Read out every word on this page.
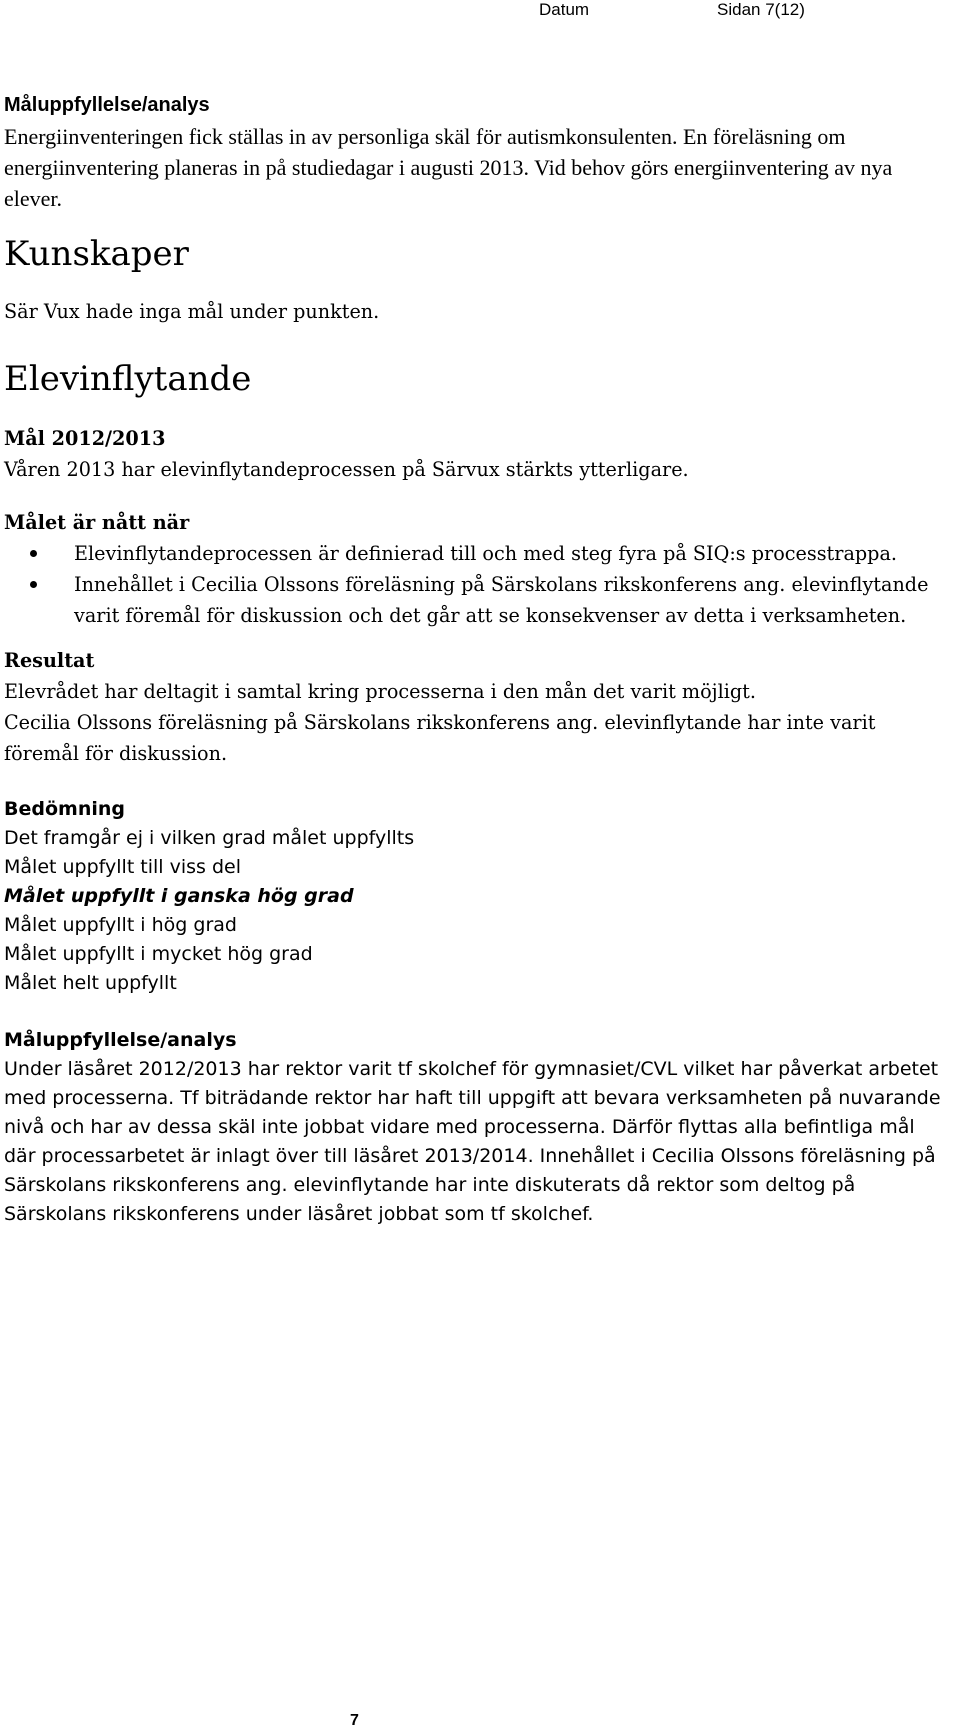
Datum	Sidan 7(12)

Måluppfyllelse/analys

Energiinventeringen fick ställas in av personliga skäl för autismkonsulenten. En föreläsning om energiinventering planeras in på studiedagar i augusti 2013. Vid behov görs energiinventering av nya elever.

Kunskaper

Sär Vux hade inga mål under punkten.

Elevinflytande

Mål 2012/2013

Våren 2013 har elevinflytandeprocessen på Särvux stärkts ytterligare.

Målet är nått när

Elevinflytandeprocessen är definierad till och med steg fyra på SIQ:s processtrappa.
Innehållet i Cecilia Olssons föreläsning på Särskolans rikskonferens ang. elevinflytande varit föremål för diskussion och det går att se konsekvenser av detta i verksamheten.

Resultat

Elevrådet har deltagit i samtal kring processerna i den mån det varit möjligt.

Cecilia Olssons föreläsning på Särskolans rikskonferens ang. elevinflytande har inte varit föremål för diskussion.

Bedömning

Det framgår ej i vilken grad målet uppfyllts

Målet uppfyllt till viss del

Målet uppfyllt i ganska hög grad

Målet uppfyllt i hög grad

Målet uppfyllt i mycket hög grad

Målet helt uppfyllt

Måluppfyllelse/analys

Under läsåret 2012/2013 har rektor varit tf skolchef för gymnasiet/CVL vilket har påverkat arbetet med processerna. Tf biträdande rektor har haft till uppgift att bevara verksamheten på nuvarande nivå och har av dessa skäl inte jobbat vidare med processerna. Därför flyttas alla befintliga mål där processarbetet är inlagt över till läsåret 2013/2014. Innehållet i Cecilia Olssons föreläsning på Särskolans rikskonferens ang. elevinflytande har inte diskuterats då rektor som deltog på Särskolans rikskonferens under läsåret jobbat som tf skolchef.

7
